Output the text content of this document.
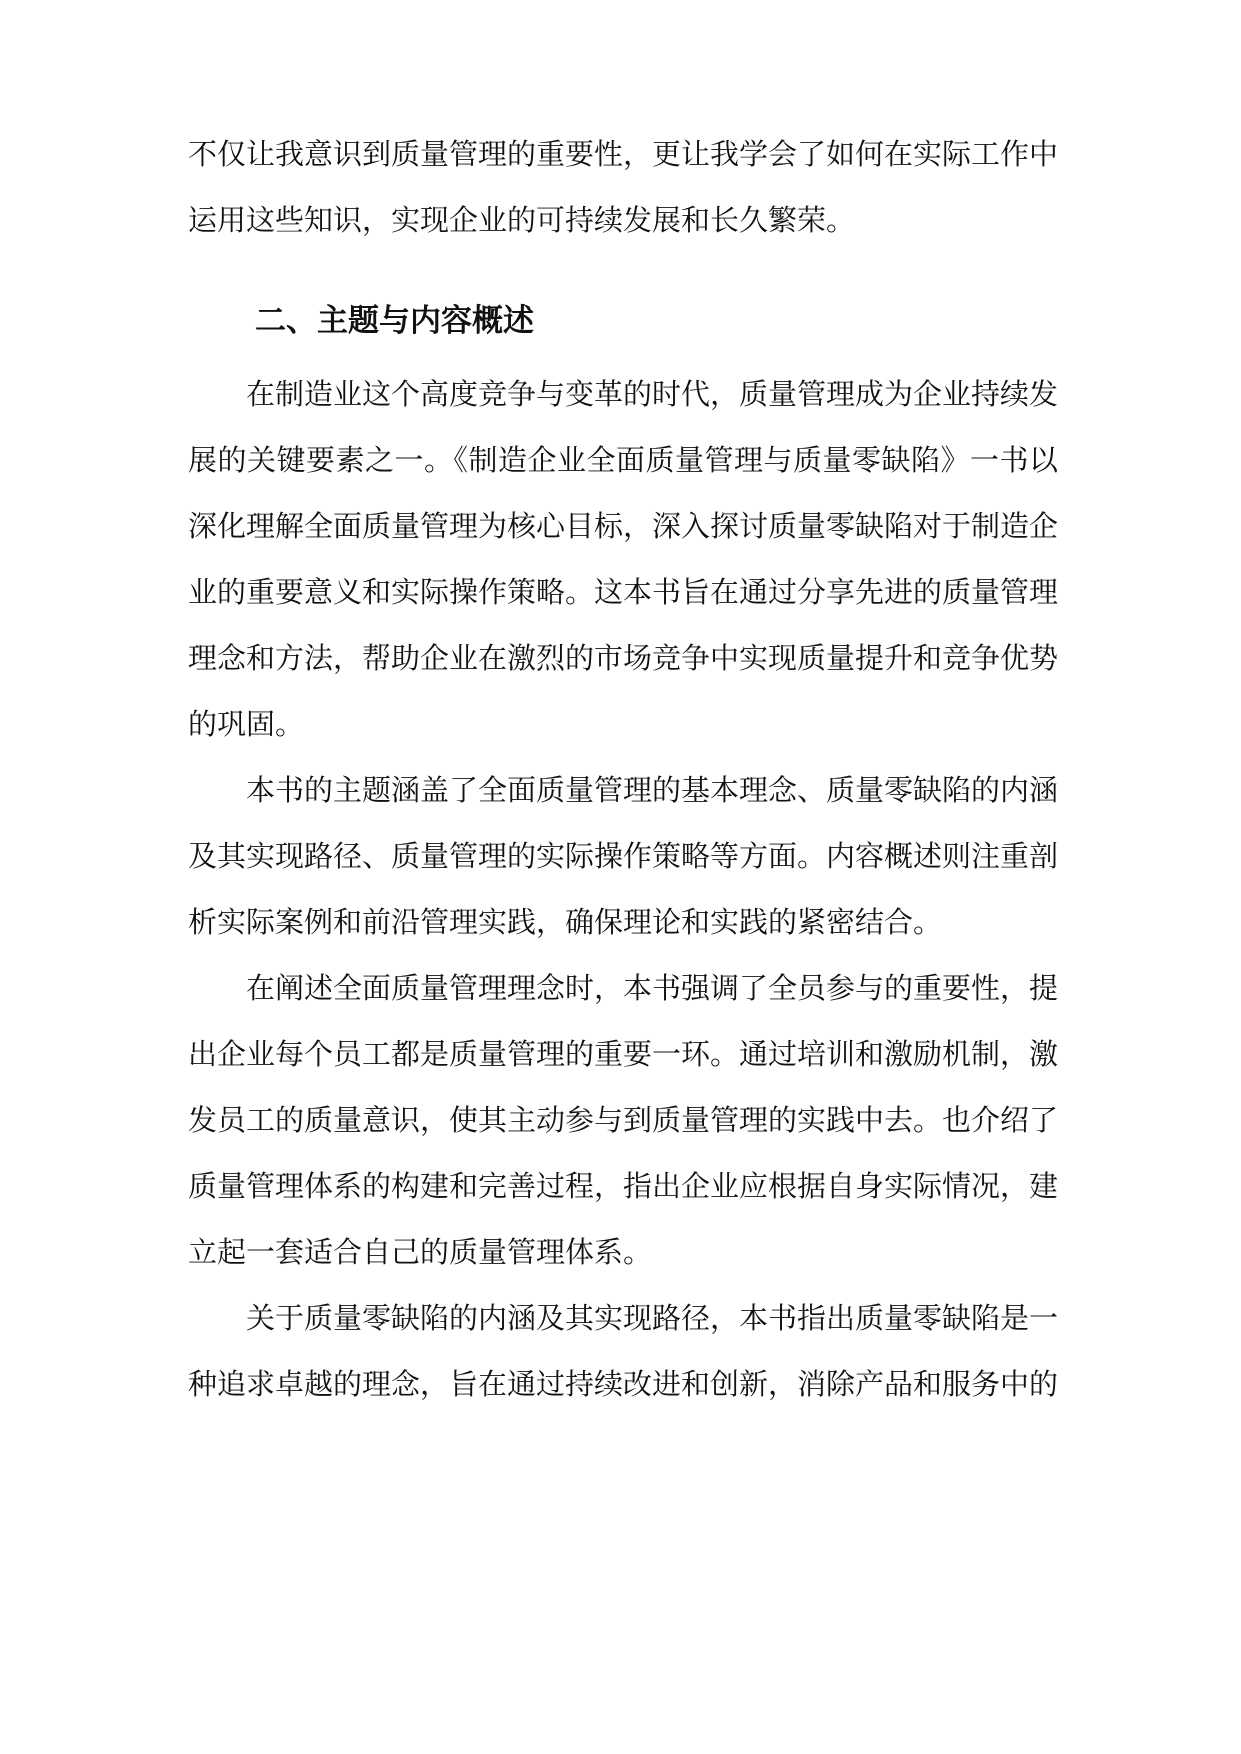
不仅让我意识到质量管理的重要性，更让我学会了如何在实际工作中
运用这些知识，实现企业的可持续发展和长久繁荣。
二、主题与内容概述
在制造业这个高度竞争与变革的时代，质量管理成为企业持续发
展的关键要素之一。《制造企业全面质量管理与质量零缺陷》一书以
深化理解全面质量管理为核心目标，深入探讨质量零缺陷对于制造企
业的重要意义和实际操作策略。这本书旨在通过分享先进的质量管理
理念和方法，帮助企业在激烈的市场竞争中实现质量提升和竞争优势
的巩固。
本书的主题涵盖了全面质量管理的基本理念、质量零缺陷的内涵
及其实现路径、质量管理的实际操作策略等方面。内容概述则注重剖
析实际案例和前沿管理实践，确保理论和实践的紧密结合。
在阐述全面质量管理理念时，本书强调了全员参与的重要性，提
出企业每个员工都是质量管理的重要一环。通过培训和激励机制，激
发员工的质量意识，使其主动参与到质量管理的实践中去。也介绍了
质量管理体系的构建和完善过程，指出企业应根据自身实际情况，建
立起一套适合自己的质量管理体系。
关于质量零缺陷的内涵及其实现路径，本书指出质量零缺陷是一
种追求卓越的理念，旨在通过持续改进和创新，消除产品和服务中的
